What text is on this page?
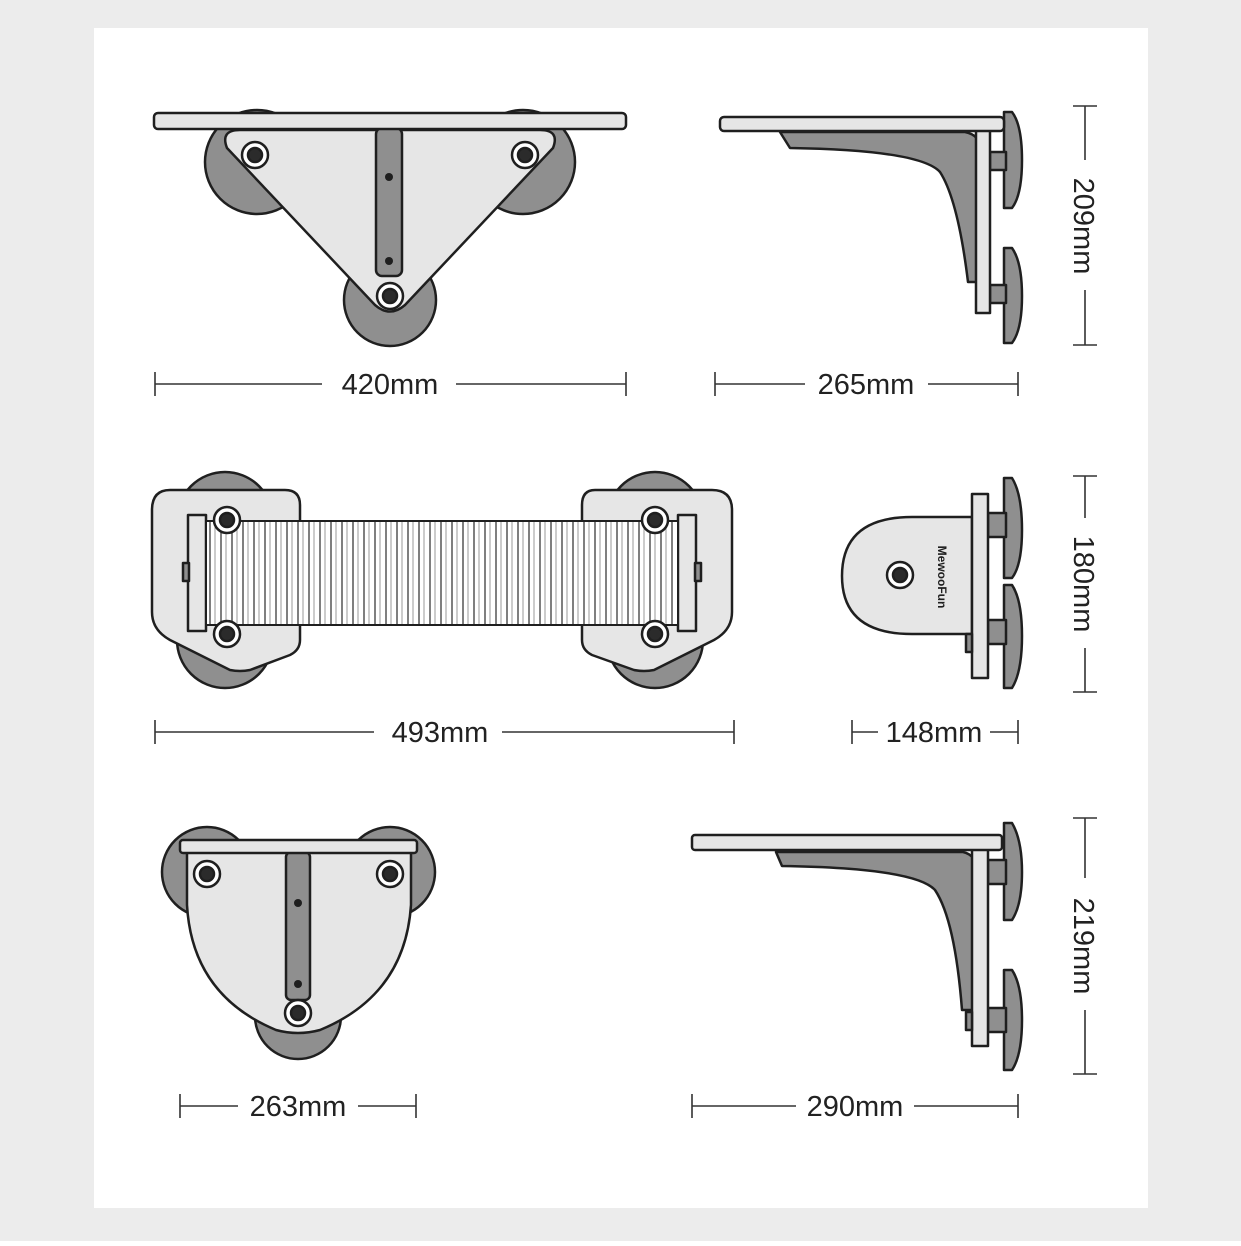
420mm	265mm
209mm
493mm	148mm
180mm
263mm	290mm
219mm
MewooFun
